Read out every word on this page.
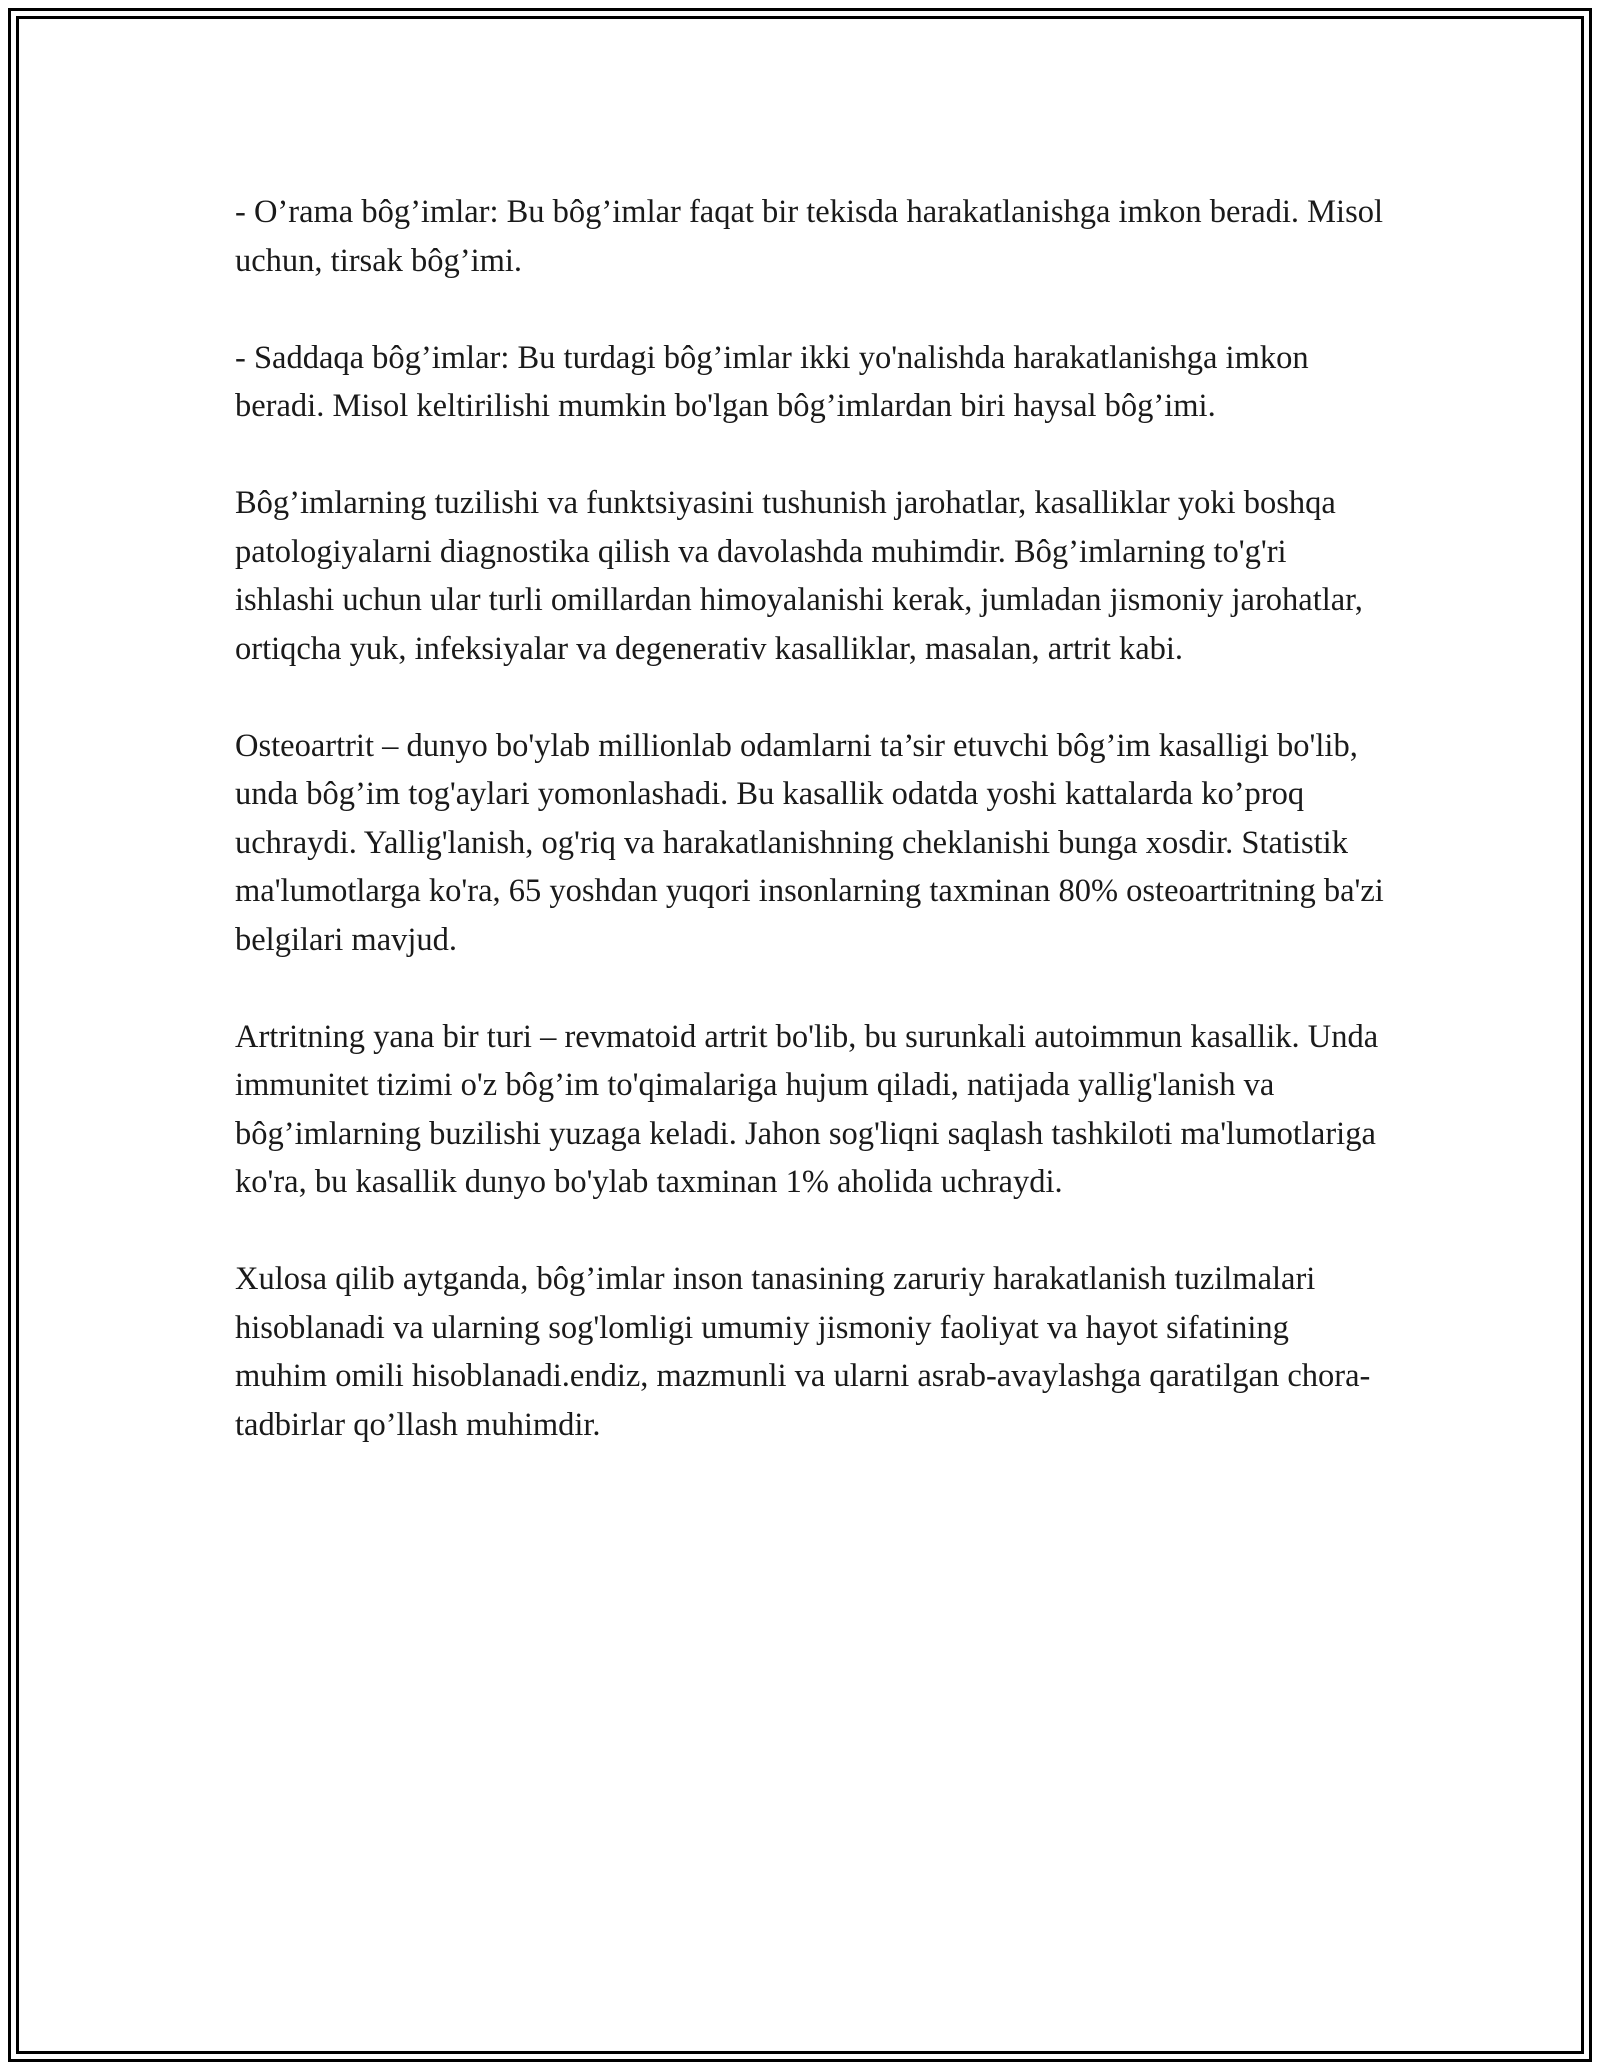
- O’rama bôg’imlar: Bu bôg’imlar faqat bir tekisda harakatlanishga imkon beradi. Misol uchun, tirsak bôg’imi.

- Saddaqa bôg’imlar: Bu turdagi bôg’imlar ikki yo'nalishda harakatlanishga imkon beradi. Misol keltirilishi mumkin bo'lgan bôg’imlardan biri haysal bôg’imi.

Bôg’imlarning tuzilishi va funktsiyasini tushunish jarohatlar, kasalliklar yoki boshqa patologiyalarni diagnostika qilish va davolashda muhimdir. Bôg’imlarning to'g'ri ishlashi uchun ular turli omillardan himoyalanishi kerak, jumladan jismoniy jarohatlar, ortiqcha yuk, infeksiyalar va degenerativ kasalliklar, masalan, artrit kabi.

Osteoartrit – dunyo bo'ylab millionlab odamlarni ta’sir etuvchi bôg’im kasalligi bo'lib, unda bôg’im tog'aylari yomonlashadi. Bu kasallik odatda yoshi kattalarda ko’proq uchraydi. Yallig'lanish, og'riq va harakatlanishning cheklanishi bunga xosdir. Statistik ma'lumotlarga ko'ra, 65 yoshdan yuqori insonlarning taxminan 80% osteoartritning ba'zi belgilari mavjud.

Artritning yana bir turi – revmatoid artrit bo'lib, bu surunkali autoimmun kasallik. Unda immunitet tizimi o'z bôg’im to'qimalariga hujum qiladi, natijada yallig'lanish va bôg’imlarning buzilishi yuzaga keladi. Jahon sog'liqni saqlash tashkiloti ma'lumotlariga ko'ra, bu kasallik dunyo bo'ylab taxminan 1% aholida uchraydi.

Xulosa qilib aytganda, bôg’imlar inson tanasining zaruriy harakatlanish tuzilmalari hisoblanadi va ularning sog'lomligi umumiy jismoniy faoliyat va hayot sifatining muhim omili hisoblanadi.endiz, mazmunli va ularni asrab-avaylashga qaratilgan chora-tadbirlar qo’llash muhimdir.
